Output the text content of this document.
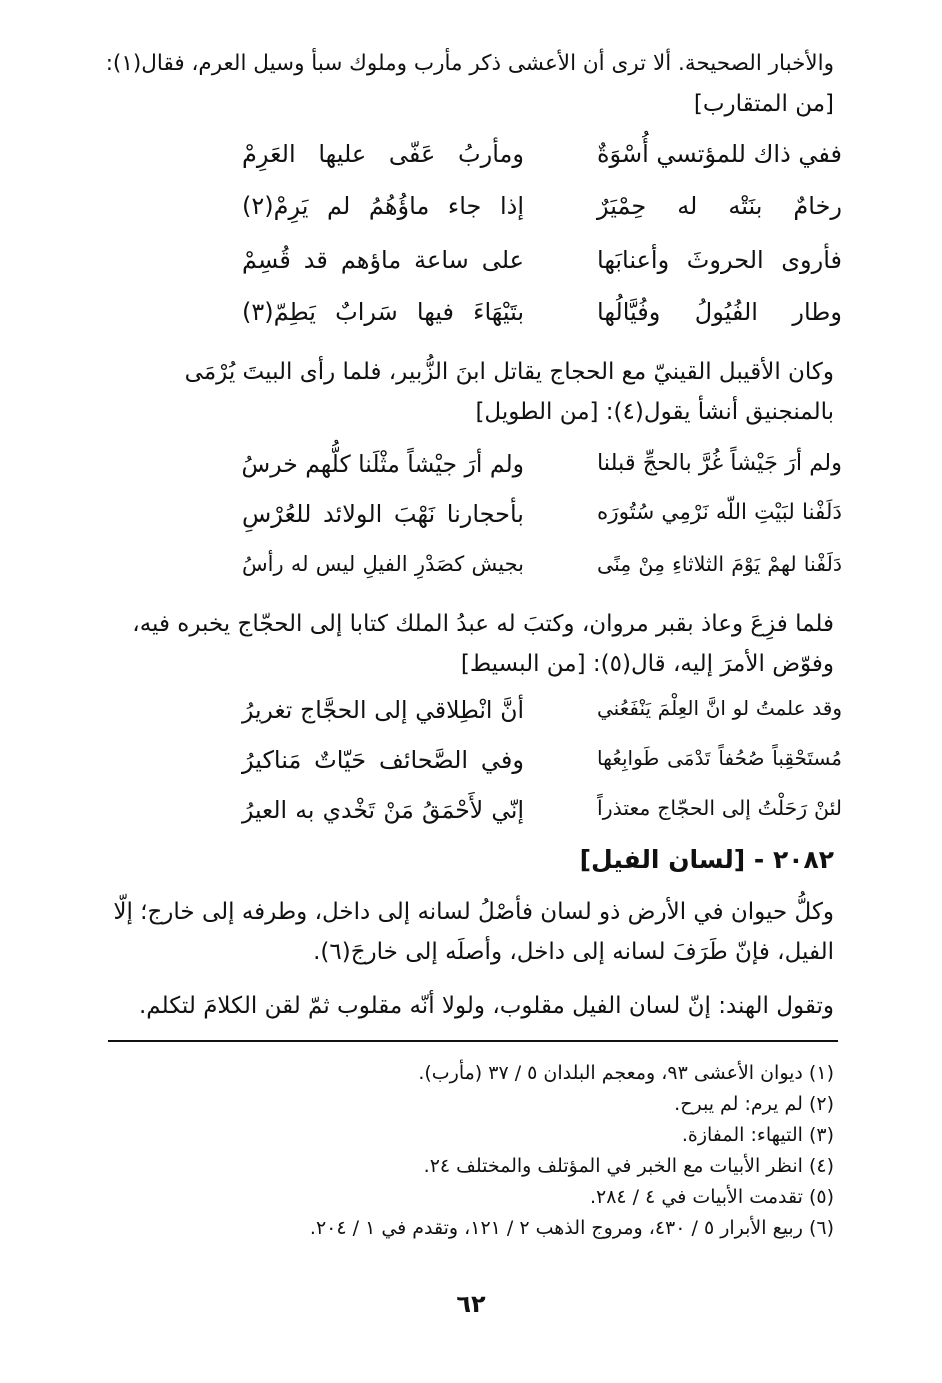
والأخبار الصحيحة. ألا ترى أن الأعشى ذكر مأرب وملوك سبأ وسيل العرم، فقال(١):
[من المتقارب]
ففي ذاك للمؤتسي أُسْوَةٌ
ومأربُ عَفّى عليها العَرِمْ
رخامٌ بنَتْه له حِمْيَرٌ
إذا جاء ماؤُهُمُ لم يَرِمْ(٢)
فأروى الحروثَ وأعنابَها
على ساعة ماؤهم قد قُسِمْ
وطار الفُيُولُ وفُيَّالُها
بتَيْهَاءَ فيها سَرابٌ يَطِمّ(٣)
وكان الأقيبل القينيّ مع الحجاج يقاتل ابنَ الزُّبير، فلما رأى البيتَ يُرْمَى
بالمنجنيق أنشأ يقول(٤): [من الطويل]
ولم أرَ جَيْشاً غُرَّ بالحجِّ قبلنا
ولم أرَ جيْشاً مثْلَنا كلُّهم خرسُ
دَلَفْنا لبَيْتِ اللّه نَرْمِي سُتُورَه
بأحجارنا نَهْبَ الولائد للعُرْسِ
دَلَفْنا لهمْ يَوْمَ الثلاثاءِ مِنْ مِنًى
بجيش كصَدْرِ الفيلِ ليس له رأسُ
فلما فزِعَ وعاذ بقبر مروان، وكتبَ له عبدُ الملك كتابا إلى الحجّاج يخبره فيه،
وفوّض الأمرَ إليه، قال(٥): [من البسيط]
وقد علمتُ لو انَّ العِلْمَ يَنْفَعُني
أنَّ انْطِلاقي إلى الحجَّاج تغريرُ
مُستَحْقِباً صُحُفاً تَدْمَى طَوابِعُها
وفي الصَّحائف حَيّاتٌ مَناكيرُ
لئنْ رَحَلْتُ إلى الحجّاج معتذراً
إنّي لأَحْمَقُ مَنْ تَخْدي به العيرُ
٢٠٨٢ - [لسان الفيل]
وكلُّ حيوان في الأرض ذو لسان فأصْلُ لسانه إلى داخل، وطرفه إلى خارج؛ إلّا
الفيل، فإنّ طَرَفَ لسانه إلى داخل، وأصلَه إلى خارجَ(٦).
وتقول الهند: إنّ لسان الفيل مقلوب، ولولا أنّه مقلوب ثمّ لقن الكلامَ لتكلم.
(١) ديوان الأعشى ٩٣، ومعجم البلدان ٥ / ٣٧ (مأرب).
(٢) لم يرم: لم يبرح.
(٣) التيهاء: المفازة.
(٤) انظر الأبيات مع الخبر في المؤتلف والمختلف ٢٤.
(٥) تقدمت الأبيات في ٤ / ٢٨٤.
(٦) ربيع الأبرار ٥ / ٤٣٠، ومروج الذهب ٢ / ١٢١، وتقدم في ١ / ٢٠٤.
٦٢
